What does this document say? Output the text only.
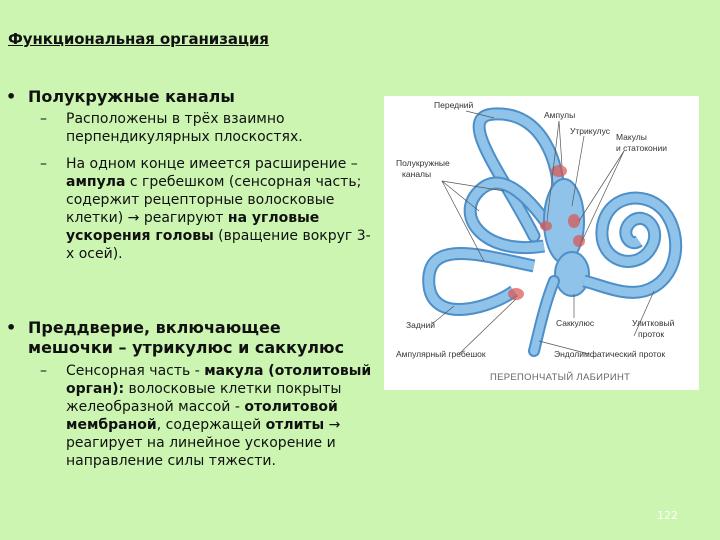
Функциональная организация
• Полукружные каналы
–	Расположены в трёх взаимно перпендикулярных плоскостях.
–	На одном конце имеется расширение – ампула с гребешком (сенсорная часть; содержит рецепторные волосковые клетки) → реагируют на угловые ускорения головы (вращение вокруг 3-х осей).
• Преддверие, включающее мешочки – утрикулюс и саккулюс
–	Сенсорная часть - макула (отолитовый орган): волосковые клетки покрыты желеобразной массой - отолитовой мембраной, содержащей отлиты → реагирует на линейное ускорение и направление силы тяжести.
Передний
Ампулы
Утрикулус
Макулы
и статоконии
Полукружные
каналы
Задний	Саккулюс	Улитковый
проток
Ампулярный гребешок	Эндолимфатический проток
ПЕРЕПОНЧАТЫЙ ЛАБИРИНТ
122
